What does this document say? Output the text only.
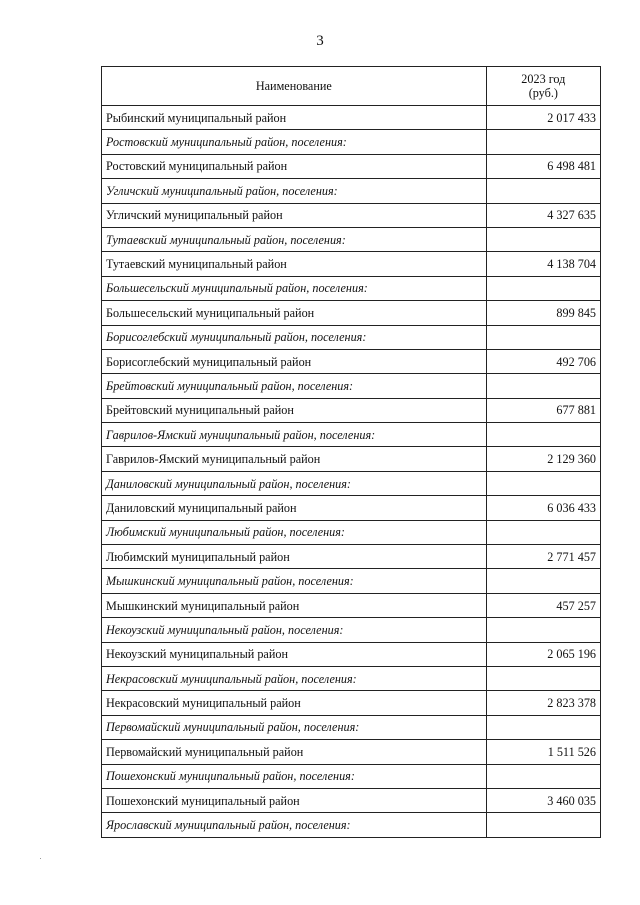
3
Наименование	2023 год
(руб.)
Рыбинский муниципальный район	2 017 433
Ростовский муниципальный район, поселения:	
Ростовский муниципальный район	6 498 481
Угличский муниципальный район, поселения:	
Угличский муниципальный район	4 327 635
Тутаевский муниципальный район, поселения:	
Тутаевский муниципальный район	4 138 704
Большесельский муниципальный район, поселения:	
Большесельский муниципальный район	899 845
Борисоглебский муниципальный район, поселения:	
Борисоглебский муниципальный район	492 706
Брейтовский муниципальный район, поселения:	
Брейтовский муниципальный район	677 881
Гаврилов-Ямский муниципальный район, поселения:	
Гаврилов-Ямский муниципальный район	2 129 360
Даниловский муниципальный район, поселения:	
Даниловский муниципальный район	6 036 433
Любимский муниципальный район, поселения:	
Любимский муниципальный район	2 771 457
Мышкинский муниципальный район, поселения:	
Мышкинский муниципальный район	457 257
Некоузский муниципальный район, поселения:	
Некоузский муниципальный район	2 065 196
Некрасовский муниципальный район, поселения:	
Некрасовский муниципальный район	2 823 378
Первомайский муниципальный район, поселения:	
Первомайский муниципальный район	1 511 526
Пошехонский муниципальный район, поселения:	
Пошехонский муниципальный район	3 460 035
Ярославский муниципальный район, поселения:	
